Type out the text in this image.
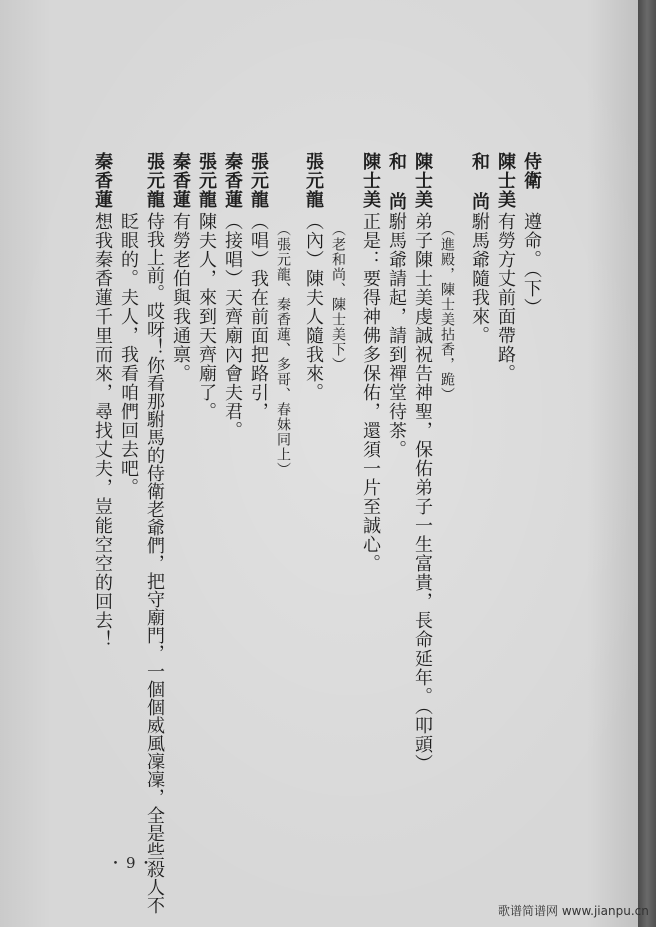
侍衛
遵命。（下）
陳士美
有勞方丈前面帶路。
和尚
駙馬爺隨我來。
（進殿，陳士美拈香，跪）
陳士美
弟子陳士美虔誠祝告神聖，保佑弟子一生富貴，長命延年。（叩頭）
和尚
駙馬爺請起，請到禪堂待茶。
陳士美
正是：要得神佛多保佑，還須一片至誠心。
（老和尚、陳士美下）
張元龍
（內）陳夫人隨我來。
（張元龍、秦香蓮、多哥、春妹同上）
張元龍
（唱）我在前面把路引，
秦香蓮
（接唱）天齊廟內會夫君。
張元龍
陳夫人，來到天齊廟了。
秦香蓮
有勞老伯與我通禀。
張元龍
侍我上前。哎呀！你看那駙馬的侍衛老爺們，把守廟門，一個個威風凜凜，全是些殺人不
眨眼的。夫人，我看咱們回去吧。
秦香蓮
想我秦香蓮千里而來，尋找丈夫，豈能空空的回去！
・9・
歌谱简谱网 www.jianpu.cn
